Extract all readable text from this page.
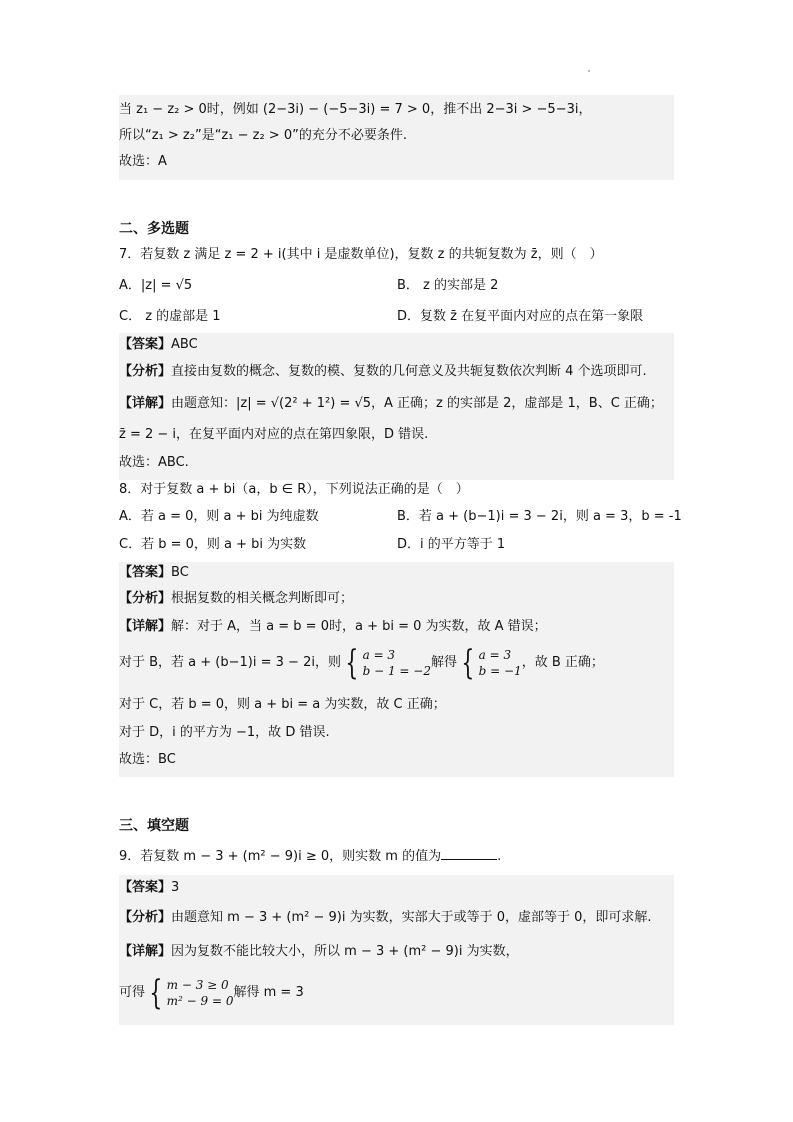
当 z₁ − z₂ > 0时，例如 (2−3i) − (−5−3i) = 7 > 0，推不出 2−3i > −5−3i，
所以“z₁ > z₂”是“z₁ − z₂ > 0”的充分不必要条件.
故选：A
二、多选题
7．若复数 z 满足 z = 2 + i(其中 i 是虚数单位)，复数 z 的共轭复数为 z̄，则（　）
A．|z| = √5	B． z 的实部是 2
C． z 的虚部是 1	D．复数 z̄ 在复平面内对应的点在第一象限
【答案】ABC
【分析】直接由复数的概念、复数的模、复数的几何意义及共轭复数依次判断 4 个选项即可.
【详解】由题意知：|z| = √(2² + 1²) = √5，A 正确；z 的实部是 2，虚部是 1，B、C 正确；
z̄ = 2 − i，在复平面内对应的点在第四象限，D 错误.
故选：ABC.
8．对于复数 a + bi（a，b ∈ R），下列说法正确的是（　）
A．若 a = 0，则 a + bi 为纯虚数	B．若 a + (b−1)i = 3 − 2i，则 a = 3，b = -1
C．若 b = 0，则 a + bi 为实数	D．i 的平方等于 1
【答案】BC
【分析】根据复数的相关概念判断即可；
【详解】解：对于 A，当 a = b = 0时，a + bi = 0 为实数，故 A 错误；
对于 B，若 a + (b−1)i = 3 − 2i，则 { a = 3
b − 1 = −2
解得 { a = 3
b = −1
，故 B 正确；
对于 C，若 b = 0，则 a + bi = a 为实数，故 C 正确；
对于 D，i 的平方为 −1，故 D 错误.
故选：BC
三、填空题
9．若复数 m − 3 + (m² − 9)i ≥ 0，则实数 m 的值为	.
【答案】3
【分析】由题意知 m − 3 + (m² − 9)i 为实数，实部大于或等于 0，虚部等于 0，即可求解.
【详解】因为复数不能比较大小，所以 m − 3 + (m² − 9)i 为实数，
可得 { m − 3 ≥ 0
m² − 9 = 0
解得 m = 3
